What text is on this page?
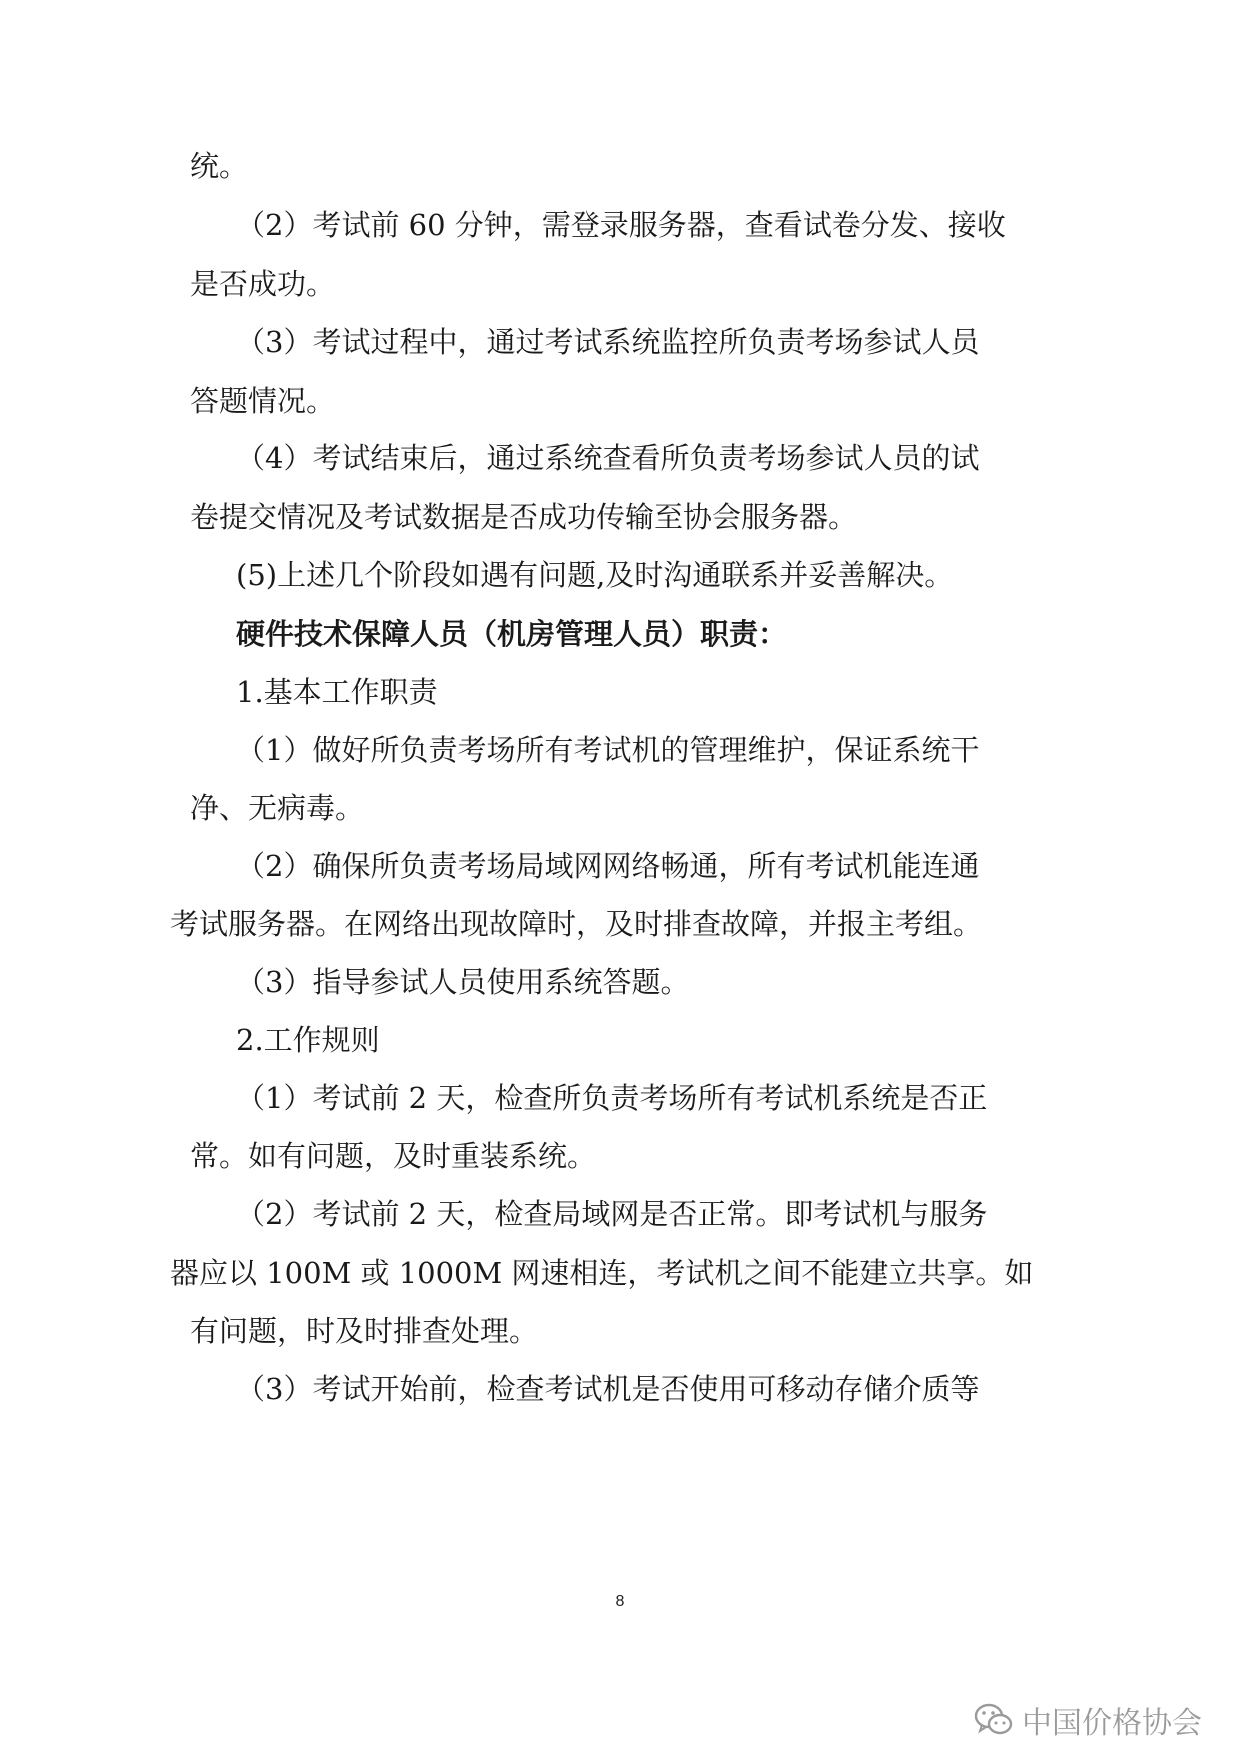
统。
（2）考试前 60 分钟，需登录服务器，查看试卷分发、接收
是否成功。
（3）考试过程中，通过考试系统监控所负责考场参试人员
答题情况。
（4）考试结束后，通过系统查看所负责考场参试人员的试
卷提交情况及考试数据是否成功传输至协会服务器。
(5)上述几个阶段如遇有问题,及时沟通联系并妥善解决。
硬件技术保障人员（机房管理人员）职责：
1.基本工作职责
（1）做好所负责考场所有考试机的管理维护，保证系统干
净、无病毒。
（2）确保所负责考场局域网网络畅通，所有考试机能连通
考试服务器。在网络出现故障时，及时排查故障，并报主考组。
（3）指导参试人员使用系统答题。
2.工作规则
（1）考试前 2 天，检查所负责考场所有考试机系统是否正
常。如有问题，及时重装系统。
（2）考试前 2 天，检查局域网是否正常。即考试机与服务
器应以 100M 或 1000M 网速相连，考试机之间不能建立共享。如
有问题，时及时排查处理。
（3）考试开始前，检查考试机是否使用可移动存储介质等
8
中国价格协会
